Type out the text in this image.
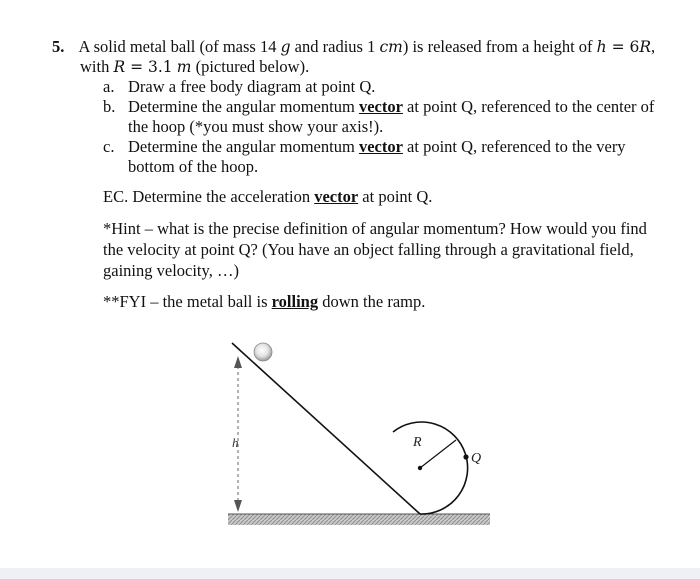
5. A solid metal ball (of mass 14 g and radius 1 cm) is released from a height of h = 6R,
with R = 3.1 m (pictured below).
a. Draw a free body diagram at point Q.
b. Determine the angular momentum vector at point Q, referenced to the center of
the hoop (*you must show your axis!).
c. Determine the angular momentum vector at point Q, referenced to the very
bottom of the hoop.
EC. Determine the acceleration vector at point Q.
*Hint – what is the precise definition of angular momentum? How would you find
the velocity at point Q? (You have an object falling through a gravitational field,
gaining velocity, …)
**FYI – the metal ball is rolling down the ramp.
h	R
Q
